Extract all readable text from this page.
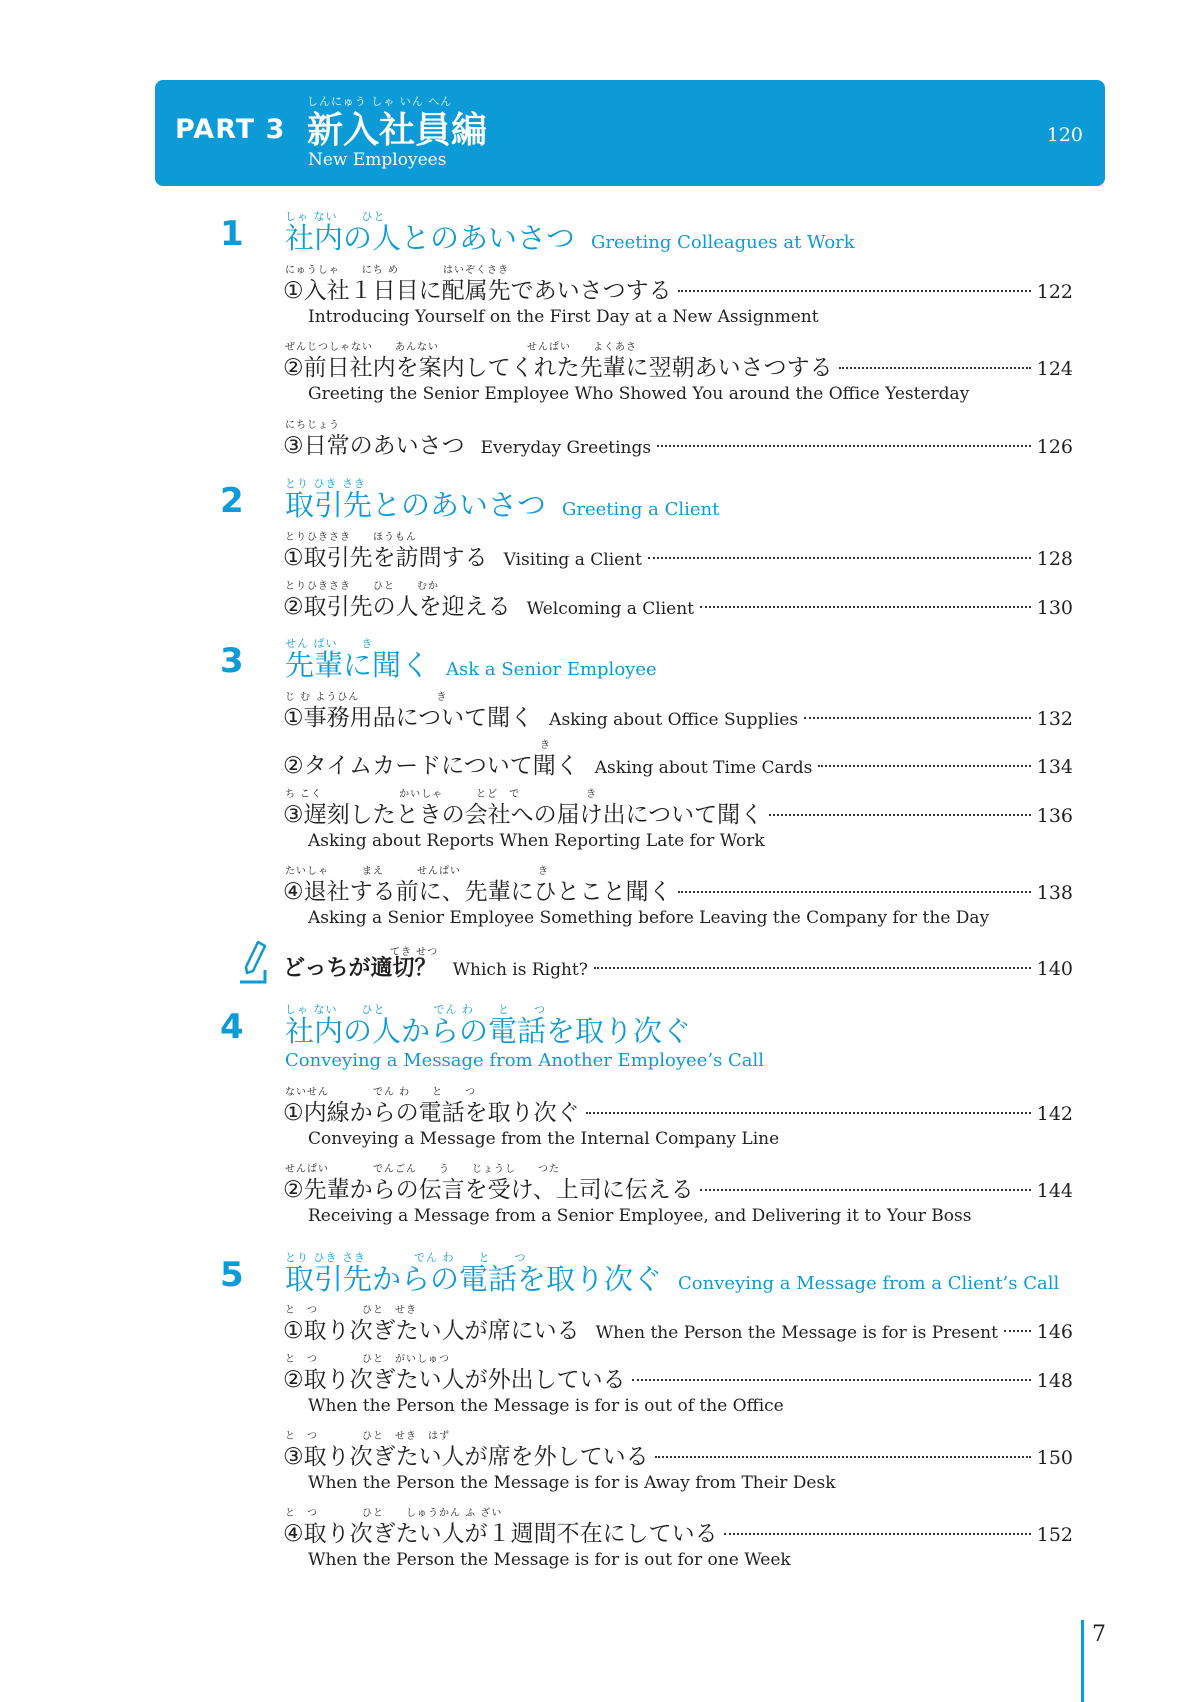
PART 3
しんにゅう しゃ いん へん
新入社員編
New Employees
120
1	しゃ ない　　ひと
社内の人とのあいさつ Greeting Colleagues at Work
にゅうしゃ　　にち め　　　　はいぞくさき
①入社１日目に配属先であいさつする	122
Introducing Yourself on the First Day at a New Assignment
ぜんじつしゃない　　あんない　　　　　　　　せんぱい　　よくあさ
②前日社内を案内してくれた先輩に翌朝あいさつする	124
Greeting the Senior Employee Who Showed You around the Office Yesterday
にちじょう
③日常のあいさつ Everyday Greetings	126
2	とり ひき さき
取引先とのあいさつ Greeting a Client
とりひきさき　　ほうもん
①取引先を訪問する Visiting a Client	128
とりひきさき　　ひと　　むか
②取引先の人を迎える Welcoming a Client	130
3	せん ぱい　　き
先輩に聞く Ask a Senior Employee
じ む ようひん　　　　　　　き
①事務用品について聞く Asking about Office Supplies	132
き
②タイムカードについて聞く Asking about Time Cards	134
ち こく　　　　　　　かいしゃ　　　とど　で　　　　　　き
③遅刻したときの会社への届け出について聞く	136
Asking about Reports When Reporting Late for Work
たいしゃ　　　まえ　　　せんぱい　　　　　　　き
④退社する前に、先輩にひとこと聞く	138
Asking a Senior Employee Something before Leaving the Company for the Day
てき せつ
どっちが適切？ Which is Right?	140
4	しゃ ない　　ひと　　　　でん わ　　と　　つ
社内の人からの電話を取り次ぐ
Conveying a Message from Another Employee’s Call
ないせん　　　　でん わ　　と　　つ
①内線からの電話を取り次ぐ	142
Conveying a Message from the Internal Company Line
せんぱい　　　　でんごん　　う　　じょうし　　つた
②先輩からの伝言を受け、上司に伝える	144
Receiving a Message from a Senior Employee, and Delivering it to Your Boss
5	とり ひき さき　　　　でん わ　　と　　つ
取引先からの電話を取り次ぐ Conveying a Message from a Client’s Call
と　つ　　　　ひと　せき
①取り次ぎたい人が席にいる When the Person the Message is for is Present 146
と　つ　　　　ひと　がいしゅつ
②取り次ぎたい人が外出している	148
When the Person the Message is for is out of the Office
と　つ　　　　ひと　せき　はず
③取り次ぎたい人が席を外している	150
When the Person the Message is for is Away from Their Desk
と　つ　　　　ひと　　しゅうかん ふ ざい
④取り次ぎたい人が１週間不在にしている	152
When the Person the Message is for is out for one Week
7
